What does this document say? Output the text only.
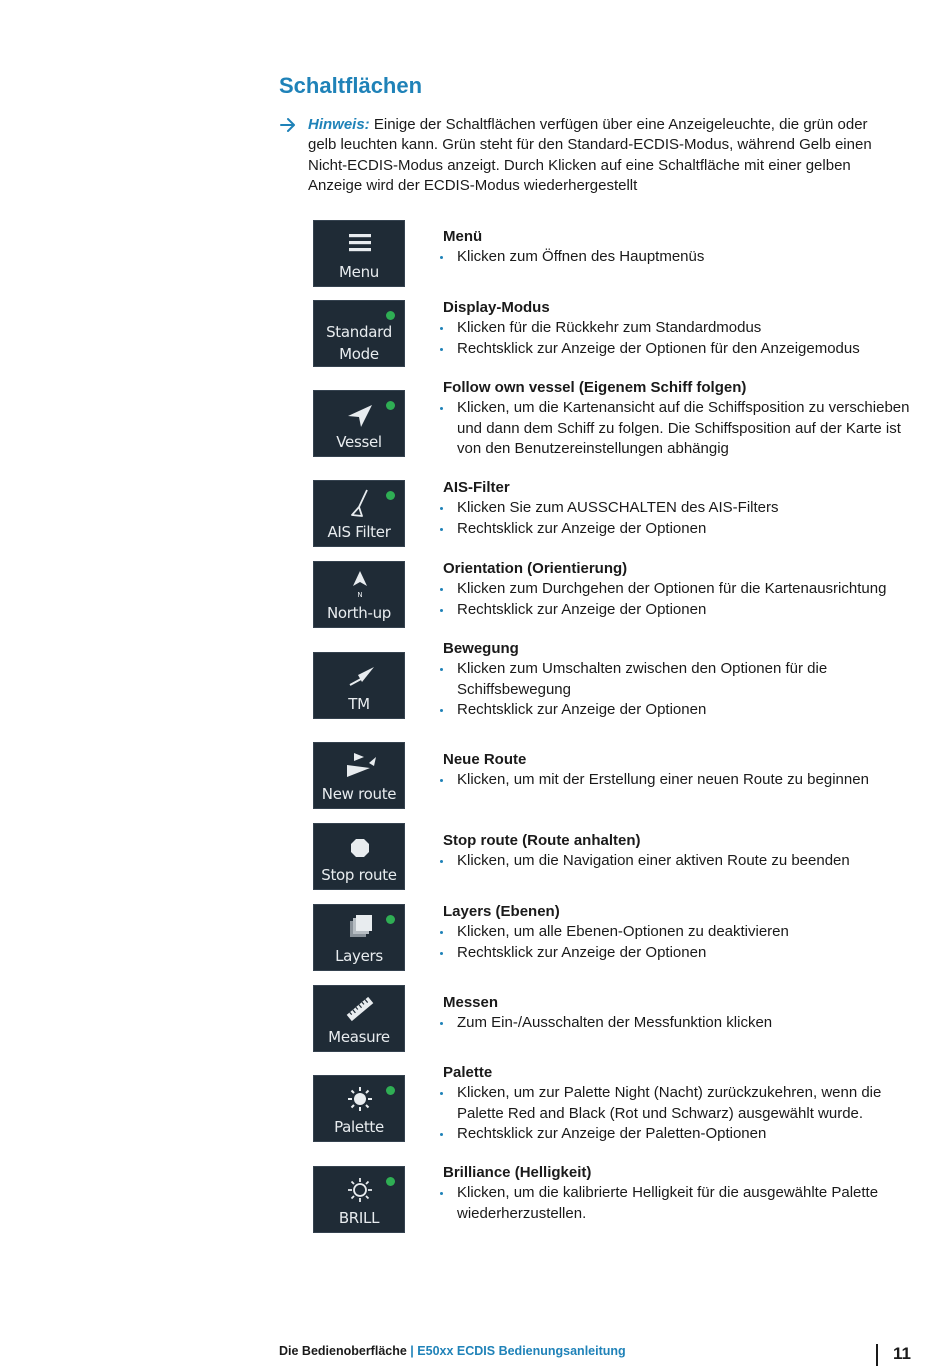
Schaltflächen
Hinweis: Einige der Schaltflächen verfügen über eine Anzeigeleuchte, die grün oder gelb leuchten kann. Grün steht für den Standard-ECDIS-Modus, während Gelb einen Nicht-ECDIS-Modus anzeigt. Durch Klicken auf eine Schaltfläche mit einer gelben Anzeige wird der ECDIS-Modus wiederhergestellt
Menu
Menü
Klicken zum Öffnen des Hauptmenüs
Standard
Mode
Display-Modus
Klicken für die Rückkehr zum Standardmodus
Rechtsklick zur Anzeige der Optionen für den Anzeigemodus
Vessel
Follow own vessel (Eigenem Schiff folgen)
Klicken, um die Kartenansicht auf die Schiffsposition zu verschieben und dann dem Schiff zu folgen. Die Schiffsposition auf der Karte ist von den Benutzereinstellungen abhängig
AIS Filter
AIS-Filter
Klicken Sie zum AUSSCHALTEN des AIS-Filters
Rechtsklick zur Anzeige der Optionen
N
North-up
Orientation (Orientierung)
Klicken zum Durchgehen der Optionen für die Kartenausrichtung
Rechtsklick zur Anzeige der Optionen
TM
Bewegung
Klicken zum Umschalten zwischen den Optionen für die Schiffsbewegung
Rechtsklick zur Anzeige der Optionen
New route
Neue Route
Klicken, um mit der Erstellung einer neuen Route zu beginnen
Stop route
Stop route (Route anhalten)
Klicken, um die Navigation einer aktiven Route zu beenden
Layers
Layers (Ebenen)
Klicken, um alle Ebenen-Optionen zu deaktivieren
Rechtsklick zur Anzeige der Optionen
Measure
Messen
Zum Ein-/Ausschalten der Messfunktion klicken
Palette
Palette
Klicken, um zur Palette Night (Nacht) zurückzukehren, wenn die Palette Red and Black (Rot und Schwarz) ausgewählt wurde.
Rechtsklick zur Anzeige der Paletten-Optionen
BRILL
Brilliance (Helligkeit)
Klicken, um die kalibrierte Helligkeit für die ausgewählte Palette wiederherzustellen.
Die Bedienoberfläche | E50xx ECDIS Bedienungsanleitung	11
